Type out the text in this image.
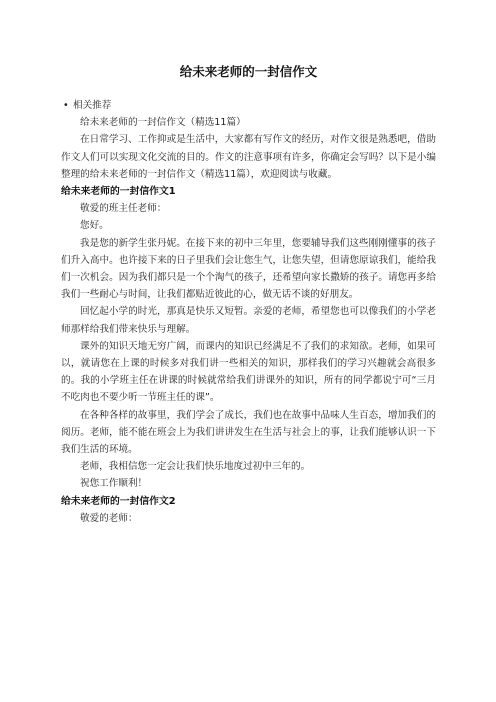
给未来老师的一封信作文
• 相关推荐

给未来老师的一封信作文（精选11篇）

在日常学习、工作抑或是生活中，大家都有写作文的经历，对作文很是熟悉吧，借助作文人们可以实现文化交流的目的。作文的注意事项有许多，你确定会写吗？以下是小编整理的给未来老师的一封信作文（精选11篇），欢迎阅读与收藏。

给未来老师的一封信作文1

敬爱的班主任老师：

您好。

我是您的新学生张丹妮。在接下来的初中三年里，您要辅导我们这些刚刚懂事的孩子们升入高中。也许接下来的日子里我们会让您生气，让您失望，但请您原谅我们，能给我们一次机会。因为我们都只是一个个淘气的孩子，还希望向家长撒娇的孩子。请您再多给我们一些耐心与时间，让我们都贴近彼此的心，做无话不谈的好朋友。

回忆起小学的时光，那真是快乐又短暂。亲爱的老师，希望您也可以像我们的小学老师那样给我们带来快乐与理解。

课外的知识天地无穷广阔，而课内的知识已经满足不了我们的求知欲。老师，如果可以，就请您在上课的时候多对我们讲一些相关的知识，那样我们的学习兴趣就会高很多的。我的小学班主任在讲课的时候就常给我们讲课外的知识，所有的同学都说宁可“三月不吃肉也不要少听一节班主任的课”。

在各种各样的故事里，我们学会了成长，我们也在故事中品味人生百态，增加我们的阅历。老师，能不能在班会上为我们讲讲发生在生活与社会上的事，让我们能够认识一下我们生活的环境。

老师，我相信您一定会让我们快乐地度过初中三年的。

祝您工作顺利！

给未来老师的一封信作文2

敬爱的老师：
